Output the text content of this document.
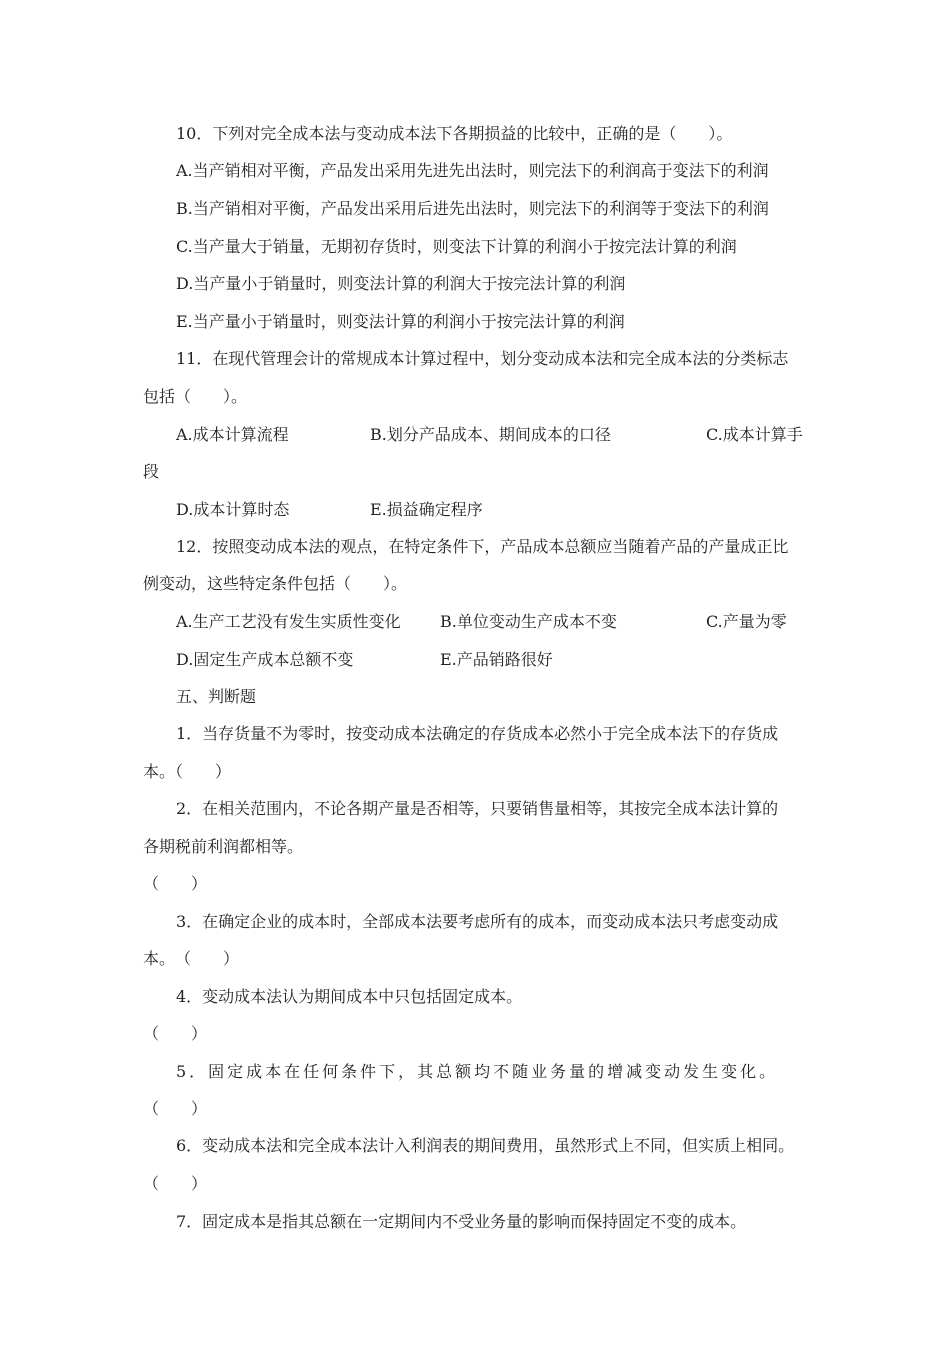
10．下列对完全成本法与变动成本法下各期损益的比较中，正确的是（　　）。
A.当产销相对平衡，产品发出采用先进先出法时，则完法下的利润高于变法下的利润
B.当产销相对平衡，产品发出采用后进先出法时，则完法下的利润等于变法下的利润
C.当产量大于销量，无期初存货时，则变法下计算的利润小于按完法计算的利润
D.当产量小于销量时，则变法计算的利润大于按完法计算的利润
E.当产量小于销量时，则变法计算的利润小于按完法计算的利润
11．在现代管理会计的常规成本计算过程中，划分变动成本法和完全成本法的分类标志
包括（　　）。
A.成本计算流程	B.划分产品成本、期间成本的口径	C.成本计算手
段
D.成本计算时态	E.损益确定程序
12．按照变动成本法的观点，在特定条件下，产品成本总额应当随着产品的产量成正比
例变动，这些特定条件包括（　　）。
A.生产工艺没有发生实质性变化 B.单位变动生产成本不变	C.产量为零
D.固定生产成本总额不变	E.产品销路很好
五、判断题
1．当存货量不为零时，按变动成本法确定的存货成本必然小于完全成本法下的存货成
本。（　　）
2．在相关范围内，不论各期产量是否相等，只要销售量相等，其按完全成本法计算的
各期税前利润都相等。
（　　）
3．在确定企业的成本时，全部成本法要考虑所有的成本，而变动成本法只考虑变动成
本。　（　　）
4．变动成本法认为期间成本中只包括固定成本。
（　　）
5．固定成本在任何条件下，其总额均不随业务量的增减变动发生变化。
（　　）
6．变动成本法和完全成本法计入利润表的期间费用，虽然形式上不同，但实质上相同。
（　　）
7．固定成本是指其总额在一定期间内不受业务量的影响而保持固定不变的成本。
